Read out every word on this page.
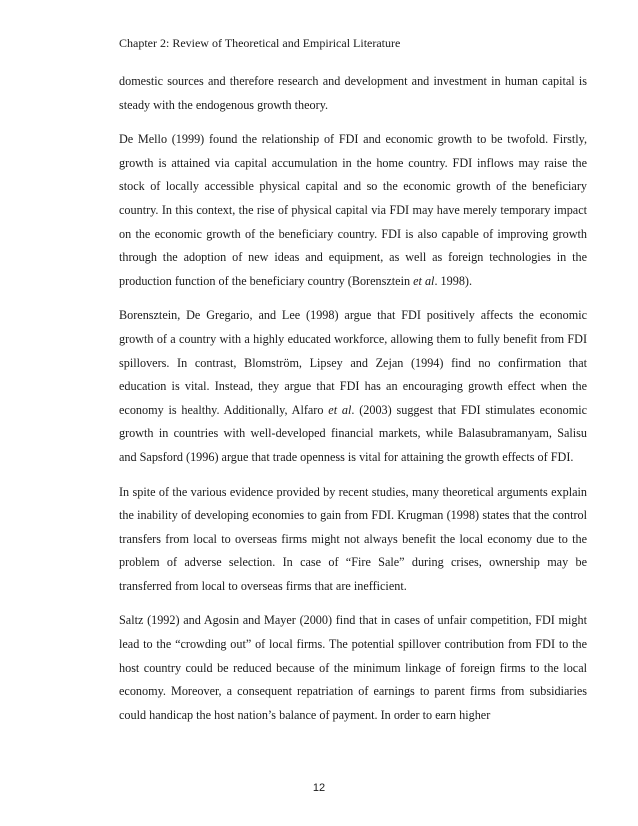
Chapter 2: Review of Theoretical and Empirical Literature

domestic sources and therefore research and development and investment in human capital is steady with the endogenous growth theory.

De Mello (1999) found the relationship of FDI and economic growth to be twofold. Firstly, growth is attained via capital accumulation in the home country. FDI inflows may raise the stock of locally accessible physical capital and so the economic growth of the beneficiary country. In this context, the rise of physical capital via FDI may have merely temporary impact on the economic growth of the beneficiary country. FDI is also capable of improving growth through the adoption of new ideas and equipment, as well as foreign technologies in the production function of the beneficiary country (Borensztein et al. 1998).

Borensztein, De Gregario, and Lee (1998) argue that FDI positively affects the economic growth of a country with a highly educated workforce, allowing them to fully benefit from FDI spillovers. In contrast, Blomström, Lipsey and Zejan (1994) find no confirmation that education is vital. Instead, they argue that FDI has an encouraging growth effect when the economy is healthy. Additionally, Alfaro et al. (2003) suggest that FDI stimulates economic growth in countries with well-developed financial markets, while Balasubramanyam, Salisu and Sapsford (1996) argue that trade openness is vital for attaining the growth effects of FDI.

In spite of the various evidence provided by recent studies, many theoretical arguments explain the inability of developing economies to gain from FDI. Krugman (1998) states that the control transfers from local to overseas firms might not always benefit the local economy due to the problem of adverse selection. In case of “Fire Sale” during crises, ownership may be transferred from local to overseas firms that are inefficient.

Saltz (1992) and Agosin and Mayer (2000) find that in cases of unfair competition, FDI might lead to the “crowding out” of local firms. The potential spillover contribution from FDI to the host country could be reduced because of the minimum linkage of foreign firms to the local economy. Moreover, a consequent repatriation of earnings to parent firms from subsidiaries could handicap the host nation’s balance of payment. In order to earn higher

12
